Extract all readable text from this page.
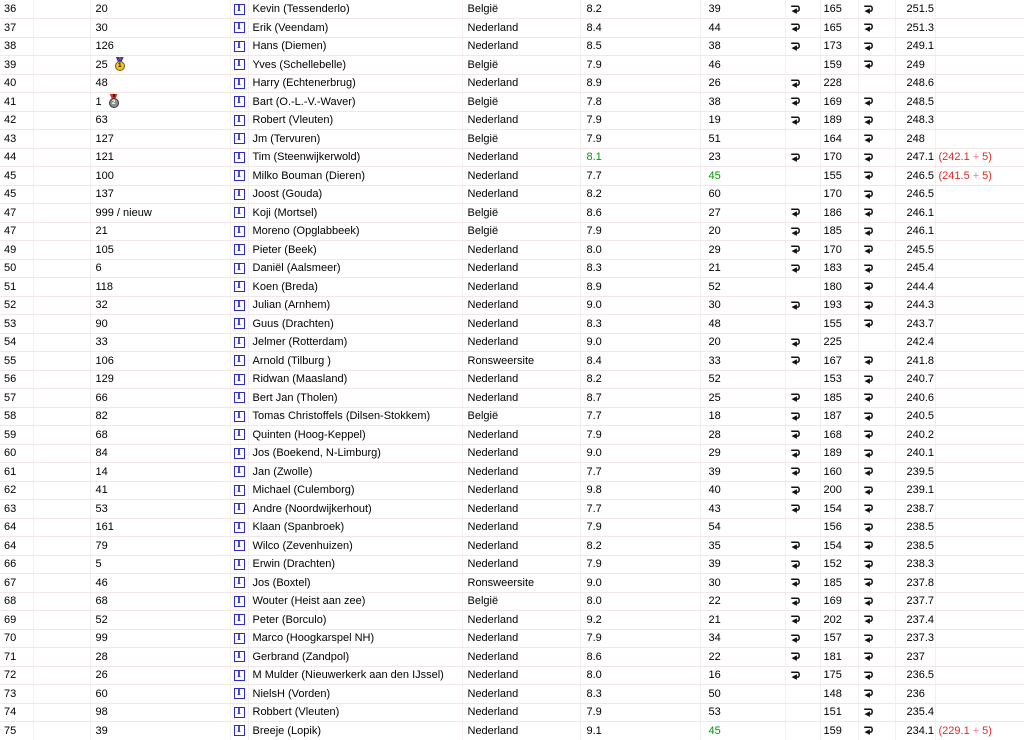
36		20	I	Kevin (Tessenderlo)	België	8.2	39		165		251.5	
37		30	I	Erik (Veendam)	Nederland	8.4	44		165		251.3	
38		126	I	Hans (Diemen)	Nederland	8.5	38		173		249.1	
39		25 1	I	Yves (Schellebelle)	België	7.9	46		159		249	
40		48	I	Harry (Echtenerbrug)	Nederland	8.9	26		228		248.6	
41		1 2	I	Bart (O.-L.-V.-Waver)	België	7.8	38		169		248.5	
42		63	I	Robert (Vleuten)	Nederland	7.9	19		189		248.3	
43		127	I	Jm (Tervuren)	België	7.9	51		164		248	
44		121	I	Tim (Steenwijkerwold)	Nederland	8.1	23		170		247.1	(242.1 + 5)
45		100	I	Milko Bouman (Dieren)	Nederland	7.7	45		155		246.5	(241.5 + 5)
45		137	I	Joost (Gouda)	Nederland	8.2	60		170		246.5	
47		999 / nieuw	I	Koji (Mortsel)	België	8.6	27		186		246.1	
47		21	I	Moreno (Opglabbeek)	België	7.9	20		185		246.1	
49		105	I	Pieter (Beek)	Nederland	8.0	29		170		245.5	
50		6	I	Daniël (Aalsmeer)	Nederland	8.3	21		183		245.4	
51		118	I	Koen (Breda)	Nederland	8.9	52		180		244.4	
52		32	I	Julian (Arnhem)	Nederland	9.0	30		193		244.3	
53		90	I	Guus (Drachten)	Nederland	8.3	48		155		243.7	
54		33	I	Jelmer (Rotterdam)	Nederland	9.0	20		225		242.4	
55		106	I	Arnold (Tilburg )	Ronsweersite	8.4	33		167		241.8	
56		129	I	Ridwan (Maasland)	Nederland	8.2	52		153		240.7	
57		66	I	Bert Jan (Tholen)	Nederland	8.7	25		185		240.6	
58		82	I	Tomas Christoffels (Dilsen-Stokkem)	België	7.7	18		187		240.5	
59		68	I	Quinten (Hoog-Keppel)	Nederland	7.9	28		168		240.2	
60		84	I	Jos (Boekend, N-Limburg)	Nederland	9.0	29		189		240.1	
61		14	I	Jan (Zwolle)	Nederland	7.7	39		160		239.5	
62		41	I	Michael (Culemborg)	Nederland	9.8	40		200		239.1	
63		53	I	Andre (Noordwijkerhout)	Nederland	7.7	43		154		238.7	
64		161	I	Klaan (Spanbroek)	Nederland	7.9	54		156		238.5	
64		79	I	Wilco (Zevenhuizen)	Nederland	8.2	35		154		238.5	
66		5	I	Erwin (Drachten)	Nederland	7.9	39		152		238.3	
67		46	I	Jos (Boxtel)	Ronsweersite	9.0	30		185		237.8	
68		68	I	Wouter (Heist aan zee)	België	8.0	22		169		237.7	
69		52	I	Peter (Borculo)	Nederland	9.2	21		202		237.4	
70		99	I	Marco (Hoogkarspel NH)	Nederland	7.9	34		157		237.3	
71		28	I	Gerbrand (Zandpol)	Nederland	8.6	22		181		237	
72		26	I	M Mulder (Nieuwerkerk aan den IJssel)	Nederland	8.0	16		175		236.5	
73		60	I	NielsH (Vorden)	Nederland	8.3	50		148		236	
74		98	I	Robbert (Vleuten)	Nederland	7.9	53		151		235.4	
75		39	I	Breeje (Lopik)	Nederland	9.1	45		159		234.1	(229.1 + 5)
